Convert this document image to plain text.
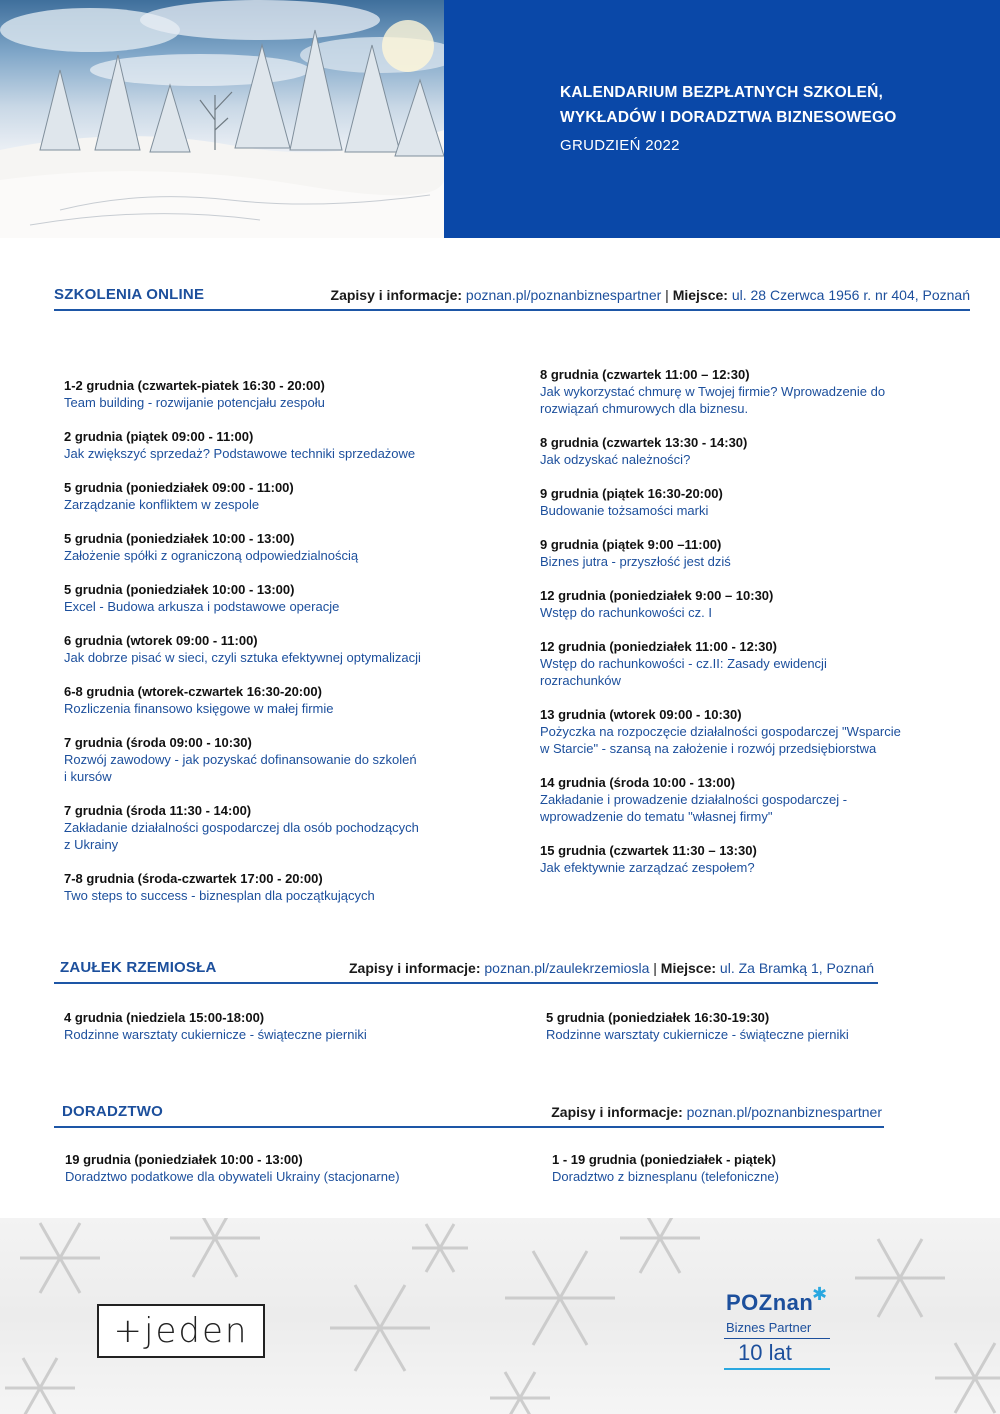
KALENDARIUM BEZPŁATNYCH SZKOLEŃ,
WYKŁADÓW I DORADZTWA BIZNESOWEGO
GRUDZIEŃ 2022
SZKOLENIA ONLINE	Zapisy i informacje: poznan.pl/poznanbiznespartner | Miejsce: ul. 28 Czerwca 1956 r. nr 404, Poznań
1-2 grudnia (czwartek-piatek 16:30 - 20:00)
Team building - rozwijanie potencjału zespołu
2 grudnia (piątek 09:00 - 11:00)
Jak zwiększyć sprzedaż? Podstawowe techniki sprzedażowe
5 grudnia (poniedziałek 09:00 - 11:00)
Zarządzanie konfliktem w zespole
5 grudnia (poniedziałek 10:00 - 13:00)
Założenie spółki z ograniczoną odpowiedzialnością
5 grudnia (poniedziałek 10:00 - 13:00)
Excel - Budowa arkusza i podstawowe operacje
6 grudnia (wtorek 09:00 - 11:00)
Jak dobrze pisać w sieci, czyli sztuka efektywnej optymalizacji
6-8 grudnia (wtorek-czwartek 16:30-20:00)
Rozliczenia finansowo księgowe w małej firmie
7 grudnia (środa 09:00 - 10:30)
Rozwój zawodowy - jak pozyskać dofinansowanie do szkoleń
i kursów
7 grudnia (środa 11:30 - 14:00)
Zakładanie działalności gospodarczej dla osób pochodzących
z Ukrainy
7-8 grudnia (środa-czwartek 17:00 - 20:00)
Two steps to success - biznesplan dla początkujących
8 grudnia (czwartek 11:00 – 12:30)
Jak wykorzystać chmurę w Twojej firmie? Wprowadzenie do
rozwiązań chmurowych dla biznesu.
8 grudnia (czwartek 13:30 - 14:30)
Jak odzyskać należności?
9 grudnia (piątek 16:30-20:00)
Budowanie tożsamości marki
9 grudnia (piątek 9:00 –11:00)
Biznes jutra - przyszłość jest dziś
12 grudnia (poniedziałek 9:00 – 10:30)
Wstęp do rachunkowości cz. I
12 grudnia (poniedziałek 11:00 - 12:30)
Wstęp do rachunkowości - cz.II: Zasady ewidencji
rozrachunków
13 grudnia (wtorek 09:00 - 10:30)
Pożyczka na rozpoczęcie działalności gospodarczej "Wsparcie
w Starcie" - szansą na założenie i rozwój przedsiębiorstwa
14 grudnia (środa 10:00 - 13:00)
Zakładanie i prowadzenie działalności gospodarczej -
wprowadzenie do tematu "własnej firmy"
15 grudnia (czwartek 11:30 – 13:30)
Jak efektywnie zarządzać zespołem?
ZAUŁEK RZEMIOSŁA	Zapisy i informacje: poznan.pl/zaulekrzemiosla | Miejsce: ul. Za Bramką 1, Poznań
4 grudnia (niedziela 15:00-18:00)
Rodzinne warsztaty cukiernicze - świąteczne pierniki
5 grudnia (poniedziałek 16:30-19:30)
Rodzinne warsztaty cukiernicze - świąteczne pierniki
DORADZTWO	Zapisy i informacje: poznan.pl/poznanbiznespartner
19 grudnia (poniedziałek 10:00 - 13:00)
Doradztwo podatkowe dla obywateli Ukrainy (stacjonarne)
1 - 19 grudnia (poniedziałek - piątek)
Doradztwo z biznesplanu (telefoniczne)
+jeden
POZnan
✱
Biznes Partner
10 lat
